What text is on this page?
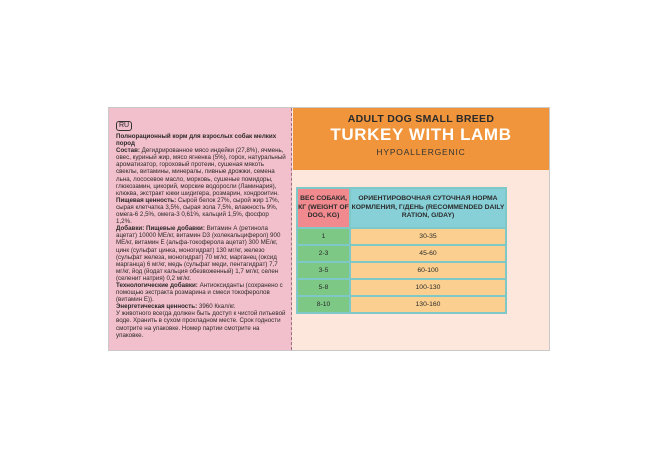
RU

Полнорационный корм для взрослых собак мелких пород

Состав: Дегидрированное мясо индейки (27,8%), ячмень, овес, куриный жир, мясо ягненка (5%), горох, натуральный ароматизатор, гороховый протеин, сушеная мякоть свеклы, витамины, минералы, пивные дрожжи, семена льна, лососевое масло, морковь, сушеные помидоры, глюкозамин, цикорий, морские водоросли (Ламинария), клюква, экстракт юкки шидигера, розмарин, хондроитин.

Пищевая ценность: Сырой белок 27%, сырой жир 17%, сырая клетчатка 3,5%, сырая зола 7,5%, влажность 9%, омега-6 2,5%, омега-3 0,61%, кальций 1,5%, фосфор 1,2%.

Добавки: Пищевые добавки: Витамин А (ретинола ацетат) 10000 МЕ/кг, витамин D3 (холекальциферол) 900 МЕ/кг, витамин Е (альфа-токоферола ацетат) 300 МЕ/кг, цинк (сульфат цинка, моногидрат) 130 мг/кг, железо (сульфат железа, моногидрат) 70 мг/кг, марганец (оксид марганца) 6 мг/кг, медь (сульфат меди, пентагидрат) 7,7 мг/кг, йод (йодат кальция обезвоженный) 1,7 мг/кг, селен (селенит натрия) 0,2 мг/кг.

Технологические добавки: Антиоксиданты (сохранено с помощью экстракта розмарина и смеси токоферолов (витамин Е)).

Энергетическая ценность: 3960 Ккал/кг.

У животного всегда должен быть доступ к чистой питьевой воде. Хранить в сухом прохладном месте. Срок годности смотрите на упаковке. Номер партии смотрите на упаковке.

ADULT DOG SMALL BREED
TURKEY WITH LAMB
HYPOALLERGENIC
ВЕС СОБАКИ, КГ (WEIGHT OF DOG, KG)	ОРИЕНТИРОВОЧНАЯ СУТОЧНАЯ НОРМА КОРМЛЕНИЯ, Г/ДЕНЬ (RECOMMENDED DAILY RATION, G/DAY)
1	30-35
2-3	45-60
3-5	60-100
5-8	100-130
8-10	130-160
